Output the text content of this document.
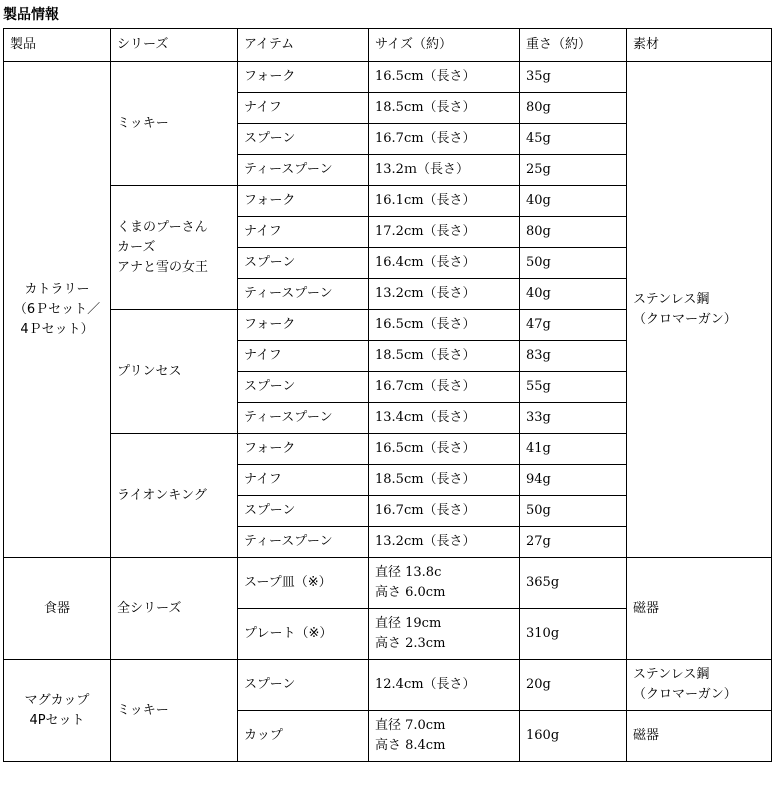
製品情報
製品	シリーズ	アイテム	サイズ（約）	重さ（約）	素材
カトラリー
（6Ｐセット／
4Ｐセット）	ミッキー	フォーク	16.5cm（長さ）	35g	ステンレス鋼
（クロマーガン）
		ナイフ	18.5cm（長さ）	80g	
		スプーン	16.7cm（長さ）	45g	
		ティースプーン	13.2ｍ（長さ）	25g	
	くまのプーさん
カーズ
アナと雪の女王	フォーク	16.1cm（長さ）	40g	
		ナイフ	17.2cm（長さ）	80g	
		スプーン	16.4cm（長さ）	50g	
		ティースプーン	13.2cm（長さ）	40g	
	プリンセス	フォーク	16.5cm（長さ）	47g	
		ナイフ	18.5cm（長さ）	83g	
		スプーン	16.7cm（長さ）	55g	
		ティースプーン	13.4cm（長さ）	33g	
	ライオンキング	フォーク	16.5cm（長さ）	41g	
		ナイフ	18.5cm（長さ）	94g	
		スプーン	16.7cm（長さ）	50g	
		ティースプーン	13.2cm（長さ）	27g	
食器	全シリーズ	スープ皿（※）	直径 13.8c
高さ 6.0cm	365g	磁器
		プレート（※）	直径 19cm
高さ 2.3cm	310g	
マグカップ
4Pセット	ミッキー	スプーン	12.4cm（長さ）	20g	ステンレス鋼
（クロマーガン）
		カップ	直径 7.0cm
高さ 8.4cm	160g	磁器
